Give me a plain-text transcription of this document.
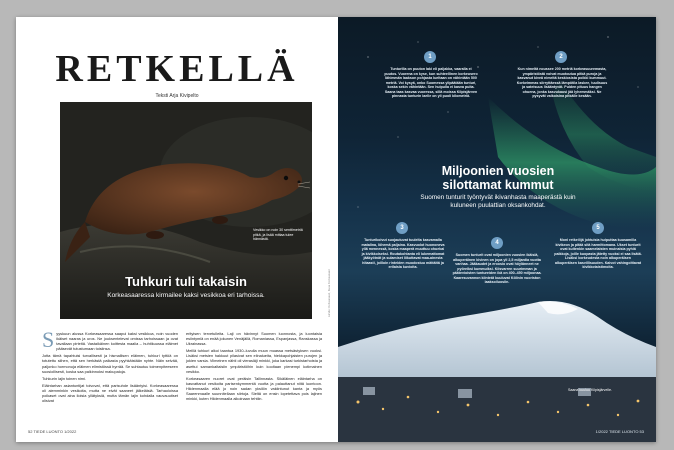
RETKELLÄ
Teksti Arja Kivipelto
Vesikko on noin 30 senttimetriä pitkä, ja lisää mittaa tulee hännästä.
Tuhkuri tuli takaisin
Korkeasaaressa kirmailee kaksi vesikkoa eri tarhoissa.	Lähde: Korkeasaari, Kuva Korkeasaari

Syyskuun alussa Korkeasaaressa saapui kaksi vesikkoa, noin vuoden ikäiset naaras ja uros. Ne jouksentelevat omissa tarhoissaan ja ovat tavallaan pirteitä. Vastaikäinen koittesta maalia – huhtikuussa eläimet pääsevät tutustumaan toisiinsa.

Jotta tämä tapahtuisi turvallisesti ja hismallisen eläimen, tuhkuri tyttöä on totutettu siihen, että sen herkästä paikasta pyyhkäistään nyhte. Näin selvää, paljonko hormonuja eläimen elimistössä hyrrää. Se suhtautuu toimenpiteeseen suosiollisesti, koska saa palkinnoksi makupaloja.

Tuhkurin lajin toinen nimi.

Eläintarhan asiantuntijat toivovat, että parisuhde lisääntyisi. Korkeasaaressa oli aiemminkin vesikoita, mutta ne eivät saaneet jälkeläisiä. Tarhaoloissa poikaset ovat aina iloisia yllätyksiä, mutta tämän lajin kohdalla vauvauutiset olisivat

erityisen tervetulleita. Laji on hävinnyt Suomen luonnosta, ja luontaisia esiintymiä on enää jokunen Venäjällä, Romaniassa, Espanjassa, Ranskassa ja Ukrainassa.

Meillä tuhkuri alkoi taantua 1930–luvulla muun muassa metsästyksen vuoksi. Lisäksi metsien hakkuut pilasivat sen elinalueita, hiekkapohjaisten purojen ja jokien varsia. Viimeinen nähti oli vierasläji minkki, joka karkasi turkistarhoista ja asettui samankaltaisiin ympäristöihin kuin kooltaan pienempi kotimainen vesikko.

Korkeasaaren nuoret ovat peräisin Tallinnasta. Sikäläinen eläintarha on kasvattanut vesikoita parisenkymmentä vuotta ja palauttanut niitä luontoon. Hiidenmaalla elää jo noin sadan yksilön vakiintunut kanta ja myös Saarenmaalle suunnitellaan siirtoja. Sieltä on ensin lopetettava pois lajinen minkki, kuten Hiidenmaalla aikoinaan tehtiin.

52 TIEDE LUONTO 1/2022
1
Tunturilla on puuton laki eli paljakka, vaaralla ei puutos. Vuorena on kyse, kun suhteellinen korkeusero lähimmän laakson pohjasta lueltaan on vähintään 500 metriä. Voi kysyä, onko Suomessa ylipäätään tunturi, koska sekin vähintään. Sen huipulla ei kasva puita. Saana taas kasvaa vuoressa, sillä moissa Kilpisjärven pinnasta tunturin laelle on yli puoli kilometriä.
2
Kun nimeltä noussee 200 metriä korkeasuuremasta, ympäristöstä voivat muotoutua pitkä puroja ja kasvanut kiveä nimeltä keskiosista poikki kummuut. Korkeimmas siirryttäessä lämpötila laskee, tuulisuus ja sateisuus lisääntyvät. Puiden pituus hangen ohuena, jonka kasvukausi jää lyhemmäksi. Ne pysyvät valkoisina pitkälle kesään.
Miljoonien vuosien
silottamat kummut
Suomen tunturit työntyvät ikivanhasta maaperästä kuin kuluneen puulattian oksankohdat.
3
Tunturikoivut suojautuvat tuulelta kasvamalla matalina, löhemä paljaina. Kasvuolot huononeva yllä mennessä, koska maaperä muuttuu ohuekai ja kivikkoiseksi. Routakohtanta eli lukemattomat jääkyötnät ja sulamiset liikuttavat maa-ainesta hitaasti, joilloin rinteiden muodostuu mättäitä ja erilaisia kuvioita.
4
Suomen tunturit ovat miljoonien vuosien ikäisiä, alkuperäinen kivinen on jopa yli 2,5 miljardia vuotta vanhaa. Jääkaudet ja eroosio ovat höylänneet ne pyöreiksi kummuiksi. Kiisvarren suurimman ja päätevioisten tuntureiden ikä on 400–450 miljoonaa. Kaaresuvannon kiinteät kuuluvat Kölinin vuoriston laaksoiluosiin.
5
Moni retkeilijä johtuisia huiputtaa kuusamilla kivikeon ja pitää sitä harmittomana. Ukset tunturit ovat kuitenkin saamelaisten muinaisia pyhiä paikkoja, joille kuopasta jätetty vuoksi ei saa lisätä. Lisäksi korkeudesta noin alkuperäisen alkuperäisen kasvillisuuden. Kaivot vahingoittavat kivikkotaistimoita.
Saana kuuluu Kilpisjärvelle.
1/2022 TIEDE LUONTO 53
